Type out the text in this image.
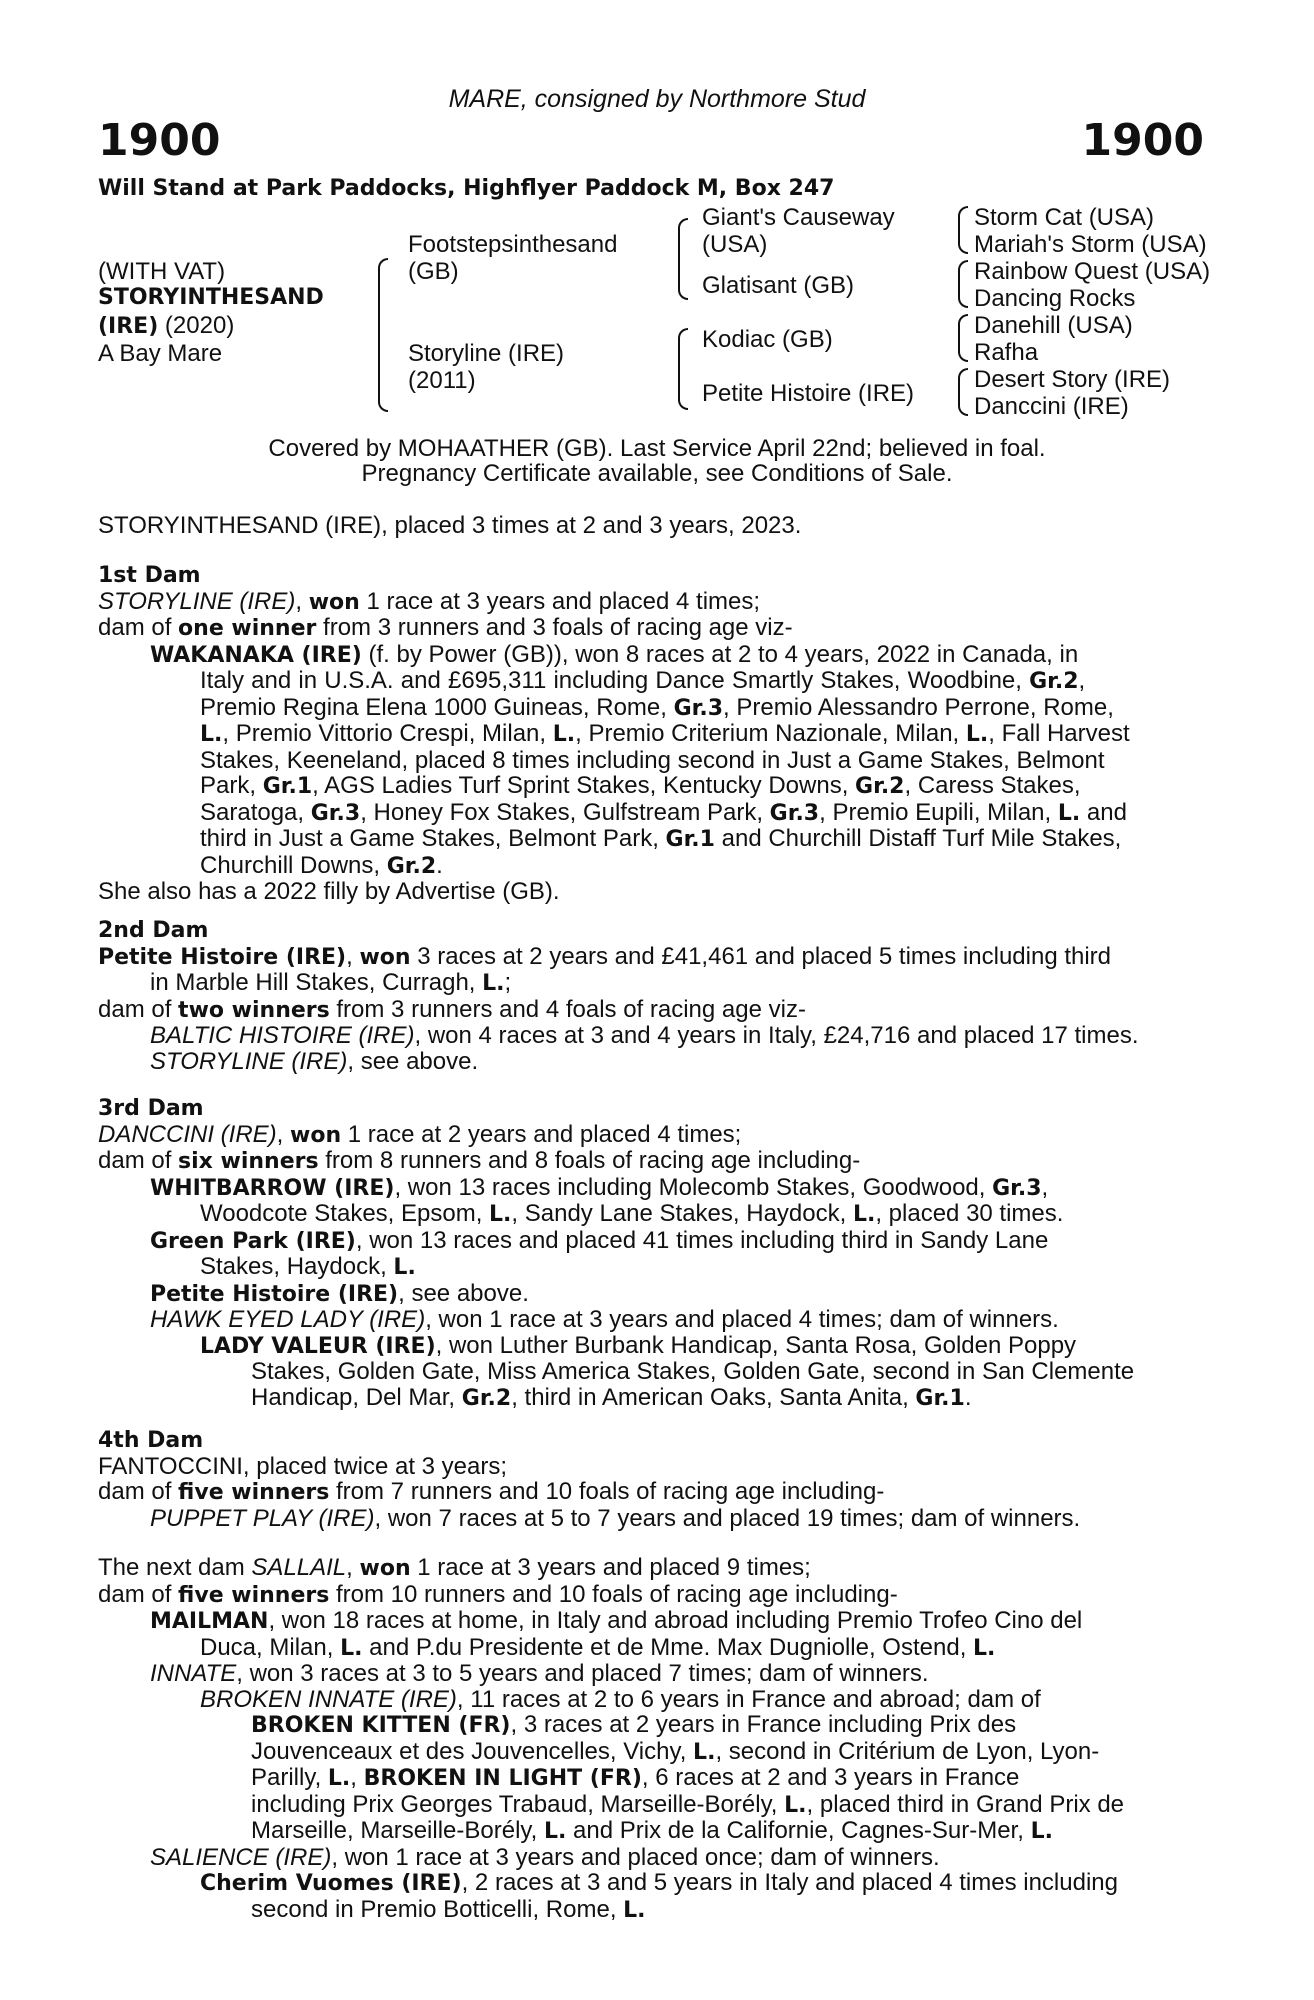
MARE, consigned by Northmore Stud
1900	1900
Will Stand at Park Paddocks, Highflyer Paddock M, Box 247
(WITH VAT)
STORYINTHESAND
(IRE) (2020)
A Bay Mare
Footstepsinthesand
(GB)
Storyline (IRE)
(2011)
Giant's Causeway
(USA)
Glatisant (GB)
Kodiac (GB)
Petite Histoire (IRE)
Storm Cat (USA)
Mariah's Storm (USA)
Rainbow Quest (USA)
Dancing Rocks
Danehill (USA)
Rafha
Desert Story (IRE)
Danccini (IRE)
Covered by MOHAATHER (GB). Last Service April 22nd; believed in foal.
Pregnancy Certificate available, see Conditions of Sale.
STORYINTHESAND (IRE), placed 3 times at 2 and 3 years, 2023.
1st Dam
STORYLINE (IRE), won 1 race at 3 years and placed 4 times;
dam of one winner from 3 runners and 3 foals of racing age viz-
WAKANAKA (IRE) (f. by Power (GB)), won 8 races at 2 to 4 years, 2022 in Canada, in
Italy and in U.S.A. and £695,311 including Dance Smartly Stakes, Woodbine, Gr.2,
Premio Regina Elena 1000 Guineas, Rome, Gr.3, Premio Alessandro Perrone, Rome,
L., Premio Vittorio Crespi, Milan, L., Premio Criterium Nazionale, Milan, L., Fall Harvest
Stakes, Keeneland, placed 8 times including second in Just a Game Stakes, Belmont
Park, Gr.1, AGS Ladies Turf Sprint Stakes, Kentucky Downs, Gr.2, Caress Stakes,
Saratoga, Gr.3, Honey Fox Stakes, Gulfstream Park, Gr.3, Premio Eupili, Milan, L. and
third in Just a Game Stakes, Belmont Park, Gr.1 and Churchill Distaff Turf Mile Stakes,
Churchill Downs, Gr.2.
She also has a 2022 filly by Advertise (GB).
2nd Dam
Petite Histoire (IRE), won 3 races at 2 years and £41,461 and placed 5 times including third
in Marble Hill Stakes, Curragh, L.;
dam of two winners from 3 runners and 4 foals of racing age viz-
BALTIC HISTOIRE (IRE), won 4 races at 3 and 4 years in Italy, £24,716 and placed 17 times.
STORYLINE (IRE), see above.
3rd Dam
DANCCINI (IRE), won 1 race at 2 years and placed 4 times;
dam of six winners from 8 runners and 8 foals of racing age including-
WHITBARROW (IRE), won 13 races including Molecomb Stakes, Goodwood, Gr.3,
Woodcote Stakes, Epsom, L., Sandy Lane Stakes, Haydock, L., placed 30 times.
Green Park (IRE), won 13 races and placed 41 times including third in Sandy Lane
Stakes, Haydock, L.
Petite Histoire (IRE), see above.
HAWK EYED LADY (IRE), won 1 race at 3 years and placed 4 times; dam of winners.
LADY VALEUR (IRE), won Luther Burbank Handicap, Santa Rosa, Golden Poppy
Stakes, Golden Gate, Miss America Stakes, Golden Gate, second in San Clemente
Handicap, Del Mar, Gr.2, third in American Oaks, Santa Anita, Gr.1.
4th Dam
FANTOCCINI, placed twice at 3 years;
dam of five winners from 7 runners and 10 foals of racing age including-
PUPPET PLAY (IRE), won 7 races at 5 to 7 years and placed 19 times; dam of winners.
The next dam SALLAIL, won 1 race at 3 years and placed 9 times;
dam of five winners from 10 runners and 10 foals of racing age including-
MAILMAN, won 18 races at home, in Italy and abroad including Premio Trofeo Cino del
Duca, Milan, L. and P.du Presidente et de Mme. Max Dugniolle, Ostend, L.
INNATE, won 3 races at 3 to 5 years and placed 7 times; dam of winners.
BROKEN INNATE (IRE), 11 races at 2 to 6 years in France and abroad; dam of
BROKEN KITTEN (FR), 3 races at 2 years in France including Prix des
Jouvenceaux et des Jouvencelles, Vichy, L., second in Critérium de Lyon, Lyon-
Parilly, L., BROKEN IN LIGHT (FR), 6 races at 2 and 3 years in France
including Prix Georges Trabaud, Marseille-Borély, L., placed third in Grand Prix de
Marseille, Marseille-Borély, L. and Prix de la Californie, Cagnes-Sur-Mer, L.
SALIENCE (IRE), won 1 race at 3 years and placed once; dam of winners.
Cherim Vuomes (IRE), 2 races at 3 and 5 years in Italy and placed 4 times including
second in Premio Botticelli, Rome, L.
